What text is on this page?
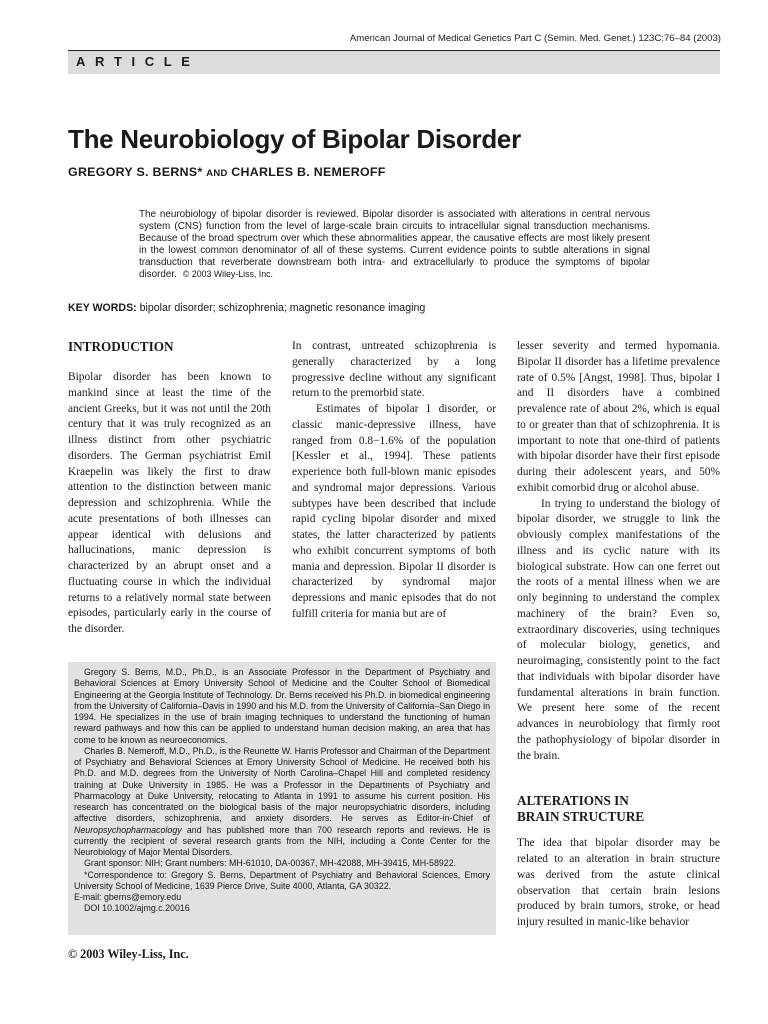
American Journal of Medical Genetics Part C (Semin. Med. Genet.) 123C:76–84 (2003)
ARTICLE
The Neurobiology of Bipolar Disorder
GREGORY S. BERNS* AND CHARLES B. NEMEROFF
The neurobiology of bipolar disorder is reviewed. Bipolar disorder is associated with alterations in central nervous system (CNS) function from the level of large-scale brain circuits to intracellular signal transduction mechanisms. Because of the broad spectrum over which these abnormalities appear, the causative effects are most likely present in the lowest common denominator of all of these systems. Current evidence points to subtle alterations in signal transduction that reverberate downstream both intra- and extracellularly to produce the symptoms of bipolar disorder. © 2003 Wiley-Liss, Inc.
KEY WORDS: bipolar disorder; schizophrenia; magnetic resonance imaging
INTRODUCTION

Bipolar disorder has been known to mankind since at least the time of the ancient Greeks, but it was not until the 20th century that it was truly recognized as an illness distinct from other psychiatric disorders. The German psychiatrist Emil Kraepelin was likely the first to draw attention to the distinction between manic depression and schizophrenia. While the acute presentations of both illnesses can appear identical with delusions and hallucinations, manic depression is characterized by an abrupt onset and a fluctuating course in which the individual returns to a relatively normal state between episodes, particularly early in the course of the disorder.

In contrast, untreated schizophrenia is generally characterized by a long progressive decline without any significant return to the premorbid state.

Estimates of bipolar I disorder, or classic manic-depressive illness, have ranged from 0.8−1.6% of the population [Kessler et al., 1994]. These patients experience both full-blown manic episodes and syndromal major depressions. Various subtypes have been described that include rapid cycling bipolar disorder and mixed states, the latter characterized by patients who exhibit concurrent symptoms of both mania and depression. Bipolar II disorder is characterized by syndromal major depressions and manic episodes that do not fulfill criteria for mania but are of

lesser severity and termed hypomania. Bipolar II disorder has a lifetime prevalence rate of 0.5% [Angst, 1998]. Thus, bipolar I and II disorders have a combined prevalence rate of about 2%, which is equal to or greater than that of schizophrenia. It is important to note that one-third of patients with bipolar disorder have their first episode during their adolescent years, and 50% exhibit comorbid drug or alcohol abuse.

In trying to understand the biology of bipolar disorder, we struggle to link the obviously complex manifestations of the illness and its cyclic nature with its biological substrate. How can one ferret out the roots of a mental illness when we are only beginning to understand the complex machinery of the brain? Even so, extraordinary discoveries, using techniques of molecular biology, genetics, and neuroimaging, consistently point to the fact that individuals with bipolar disorder have fundamental alterations in brain function. We present here some of the recent advances in neurobiology that firmly root the pathophysiology of bipolar disorder in the brain.

ALTERATIONS IN
BRAIN STRUCTURE

The idea that bipolar disorder may be related to an alteration in brain structure was derived from the astute clinical observation that certain brain lesions produced by brain tumors, stroke, or head injury resulted in manic-like behavior

Gregory S. Berns, M.D., Ph.D., is an Associate Professor in the Department of Psychiatry and Behavioral Sciences at Emory University School of Medicine and the Coulter School of Biomedical Engineering at the Georgia Institute of Technology. Dr. Berns received his Ph.D. in biomedical engineering from the University of California–Davis in 1990 and his M.D. from the University of California–San Diego in 1994. He specializes in the use of brain imaging techniques to understand the functioning of human reward pathways and how this can be applied to understand human decision making, an area that has come to be known as neuroeconomics.

Charles B. Nemeroff, M.D., Ph.D., is the Reunette W. Harris Professor and Chairman of the Department of Psychiatry and Behavioral Sciences at Emory University School of Medicine. He received both his Ph.D. and M.D. degrees from the University of North Carolina–Chapel Hill and completed residency training at Duke University in 1985. He was a Professor in the Departments of Psychiatry and Pharmacology at Duke University, relocating to Atlanta in 1991 to assume his current position. His research has concentrated on the biological basis of the major neuropsychiatric disorders, including affective disorders, schizophrenia, and anxiety disorders. He serves as Editor-in-Chief of Neuropsychopharmacology and has published more than 700 research reports and reviews. He is currently the recipient of several research grants from the NIH, including a Conte Center for the Neurobiology of Major Mental Disorders.

Grant sponsor: NIH; Grant numbers: MH-61010, DA-00367, MH-42088, MH-39415, MH-58922.

*Correspondence to: Gregory S. Berns, Department of Psychiatry and Behavioral Sciences, Emory University School of Medicine, 1639 Pierce Drive, Suite 4000, Atlanta, GA 30322.

E-mail: gberns@emory.edu

DOI 10.1002/ajmg.c.20016

© 2003 Wiley-Liss, Inc.
